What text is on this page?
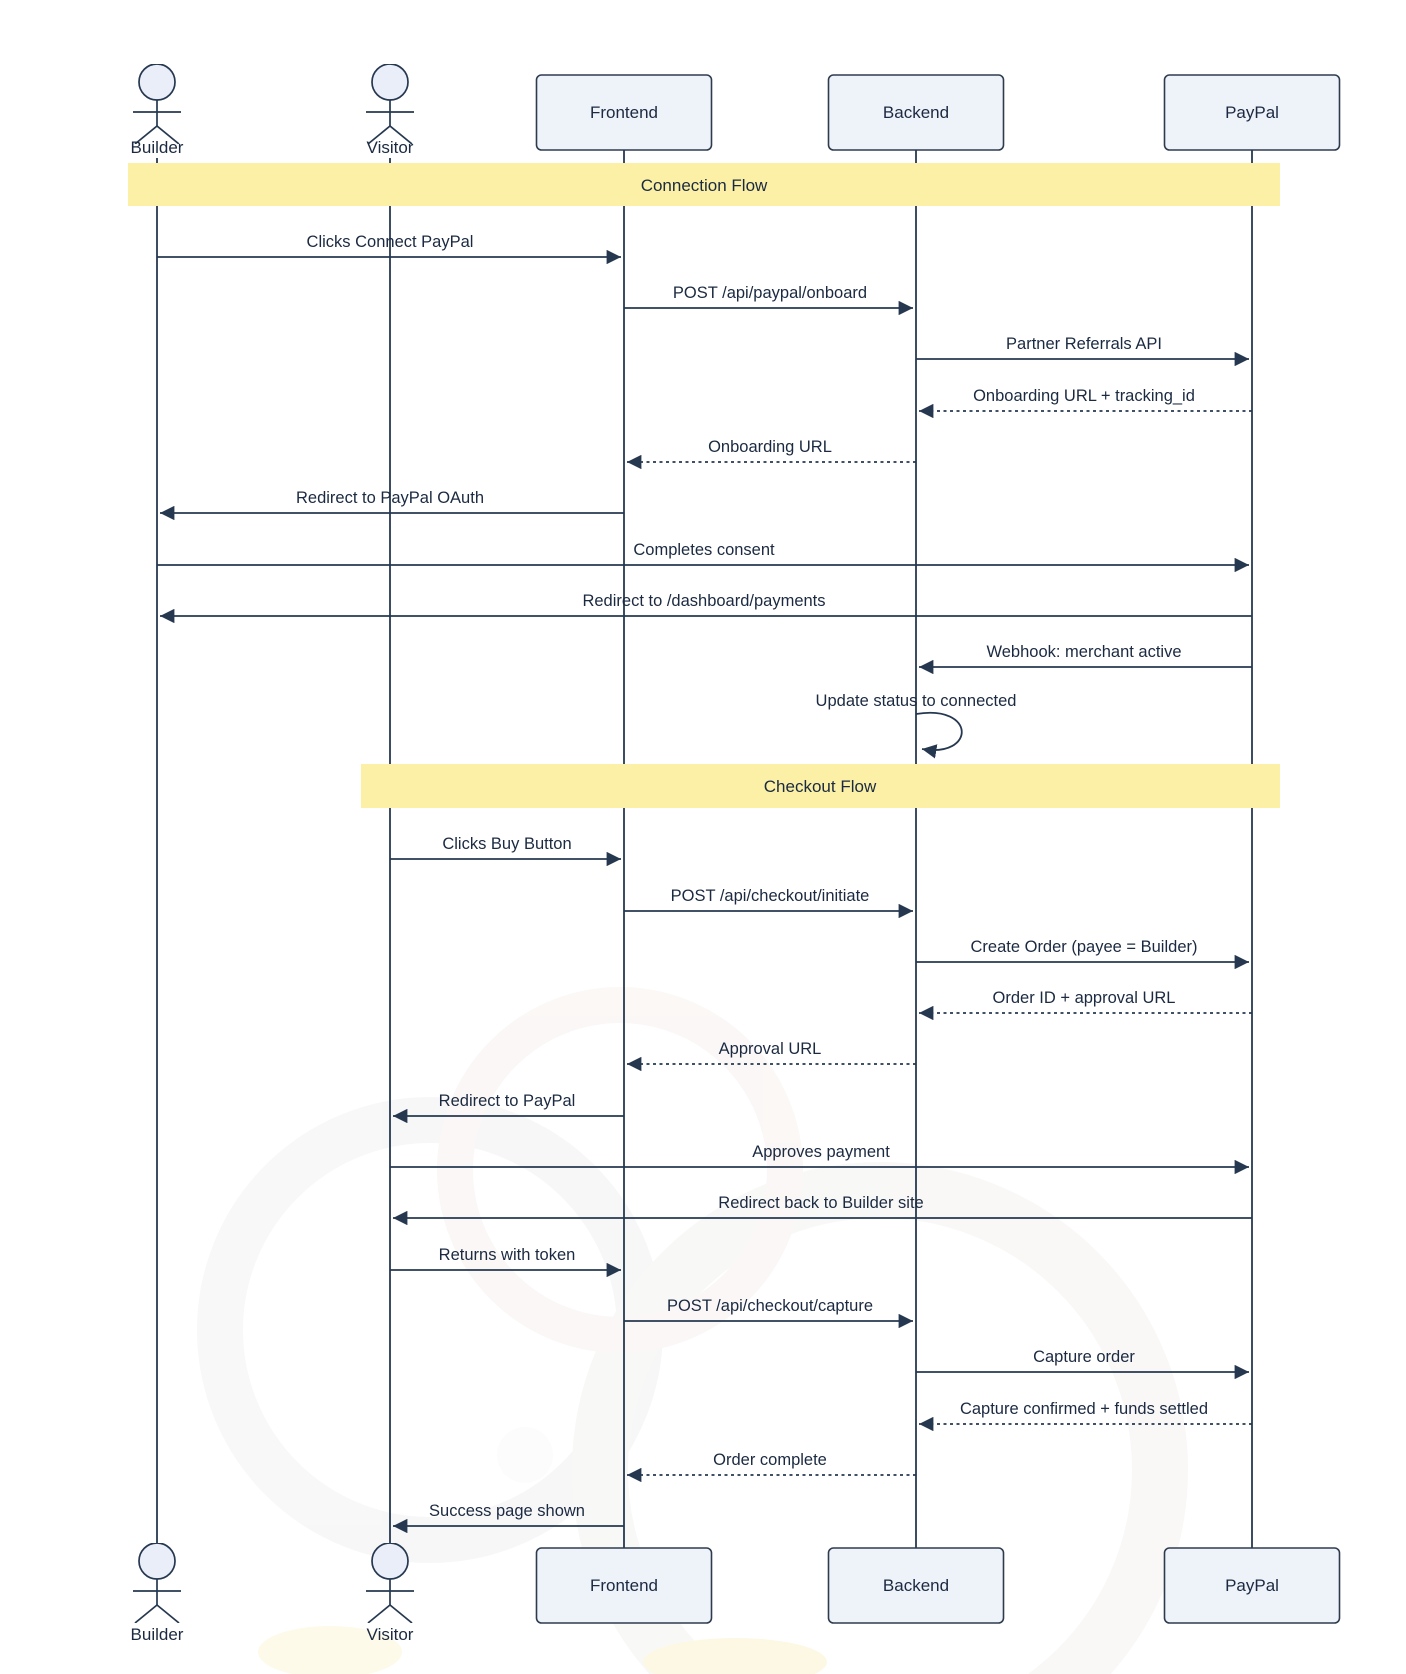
Connection Flow
Checkout Flow
Builder	Visitor
Frontend	Backend	PayPal
Clicks Connect PayPal
POST /api/paypal/onboard
Partner Referrals API
Onboarding URL + tracking_id
Onboarding URL
Redirect to PayPal OAuth
Completes consent
Redirect to /dashboard/payments
Webhook: merchant active
Update status to connected
Clicks Buy Button
POST /api/checkout/initiate
Create Order (payee = Builder)
Order ID + approval URL
Approval URL
Redirect to PayPal
Approves payment
Redirect back to Builder site
Returns with token
POST /api/checkout/capture
Capture order
Capture confirmed + funds settled
Order complete
Success page shown
Builder	Visitor
Frontend	Backend	PayPal
